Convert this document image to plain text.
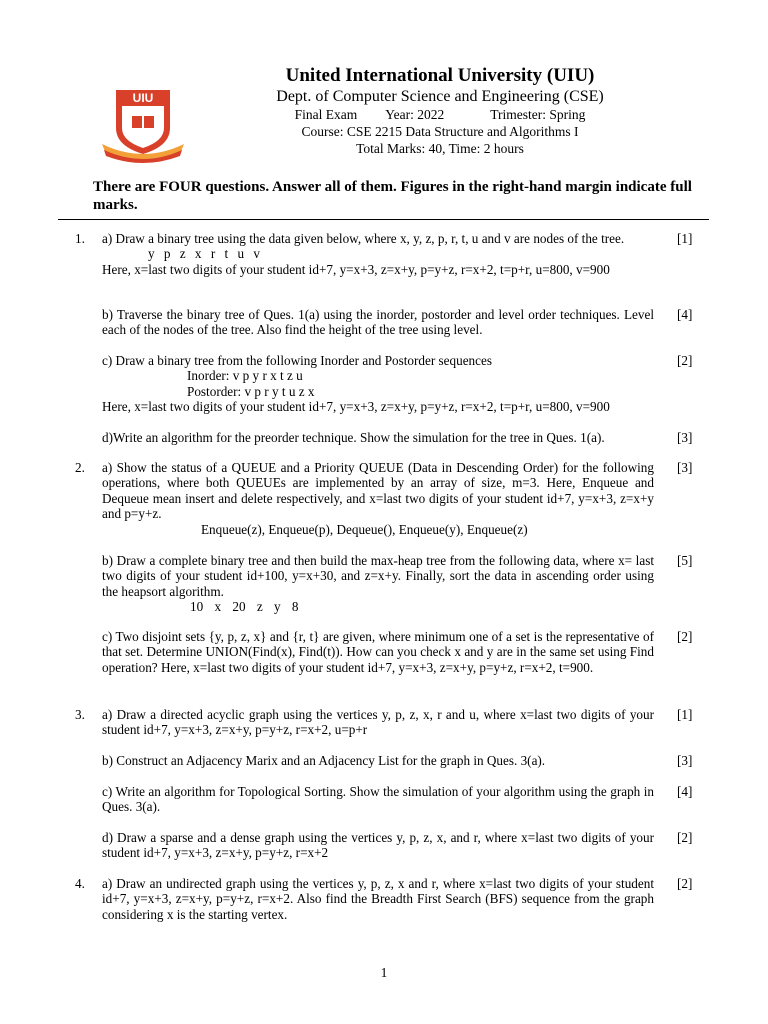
UIU
United International University (UIU)
Dept. of Computer Science and Engineering (CSE)
Final Exam Year: 2022	Trimester: Spring
Course: CSE 2215 Data Structure and Algorithms I
Total Marks: 40, Time: 2 hours
There are FOUR questions. Answer all of them. Figures in the right-hand margin indicate full marks.
1. a) Draw a binary tree using the data given below, where x, y, z, p, r, t, u and v are nodes of the tree.
y p z x r t u v
Here, x=last two digits of your student id+7, y=x+3, z=x+y, p=y+z, r=x+2, t=p+r, u=800, v=900
[1]
b) Traverse the binary tree of Ques. 1(a) using the inorder, postorder and level order techniques. Level each of the nodes of the tree. Also find the height of the tree using level.
[4]
c) Draw a binary tree from the following Inorder and Postorder sequences
Inorder: v p y r x t z u
Postorder: v p r y t u z x
Here, x=last two digits of your student id+7, y=x+3, z=x+y, p=y+z, r=x+2, t=p+r, u=800, v=900
[2]
d)Write an algorithm for the preorder technique. Show the simulation for the tree in Ques. 1(a).	[3]
2. a) Show the status of a QUEUE and a Priority QUEUE (Data in Descending Order) for the following operations, where both QUEUEs are implemented by an array of size, m=3. Here, Enqueue and Dequeue mean insert and delete respectively, and x=last two digits of your student id+7, y=x+3, z=x+y and p=y+z.
Enqueue(z), Enqueue(p), Dequeue(), Enqueue(y), Enqueue(z)
[3]
b) Draw a complete binary tree and then build the max-heap tree from the following data, where x= last two digits of your student id+100, y=x+30, and z=x+y. Finally, sort the data in ascending order using the heapsort algorithm.
10 x 20 z y 8
[5]
c) Two disjoint sets {y, p, z, x} and {r, t} are given, where minimum one of a set is the representative of that set. Determine UNION(Find(x), Find(t)). How can you check x and y are in the same set using Find operation? Here, x=last two digits of your student id+7, y=x+3, z=x+y, p=y+z, r=x+2, t=900.
[2]
3. a) Draw a directed acyclic graph using the vertices y, p, z, x, r and u, where x=last two digits of your student id+7, y=x+3, z=x+y, p=y+z, r=x+2, u=p+r
[1]
b) Construct an Adjacency Marix and an Adjacency List for the graph in Ques. 3(a).	[3]
c) Write an algorithm for Topological Sorting. Show the simulation of your algorithm using the graph in Ques. 3(a).
[4]
d) Draw a sparse and a dense graph using the vertices y, p, z, x, and r, where x=last two digits of your student id+7, y=x+3, z=x+y, p=y+z, r=x+2
[2]
4. a) Draw an undirected graph using the vertices y, p, z, x and r, where x=last two digits of your student id+7, y=x+3, z=x+y, p=y+z, r=x+2. Also find the Breadth First Search (BFS) sequence from the graph considering x is the starting vertex.
[2]
1
